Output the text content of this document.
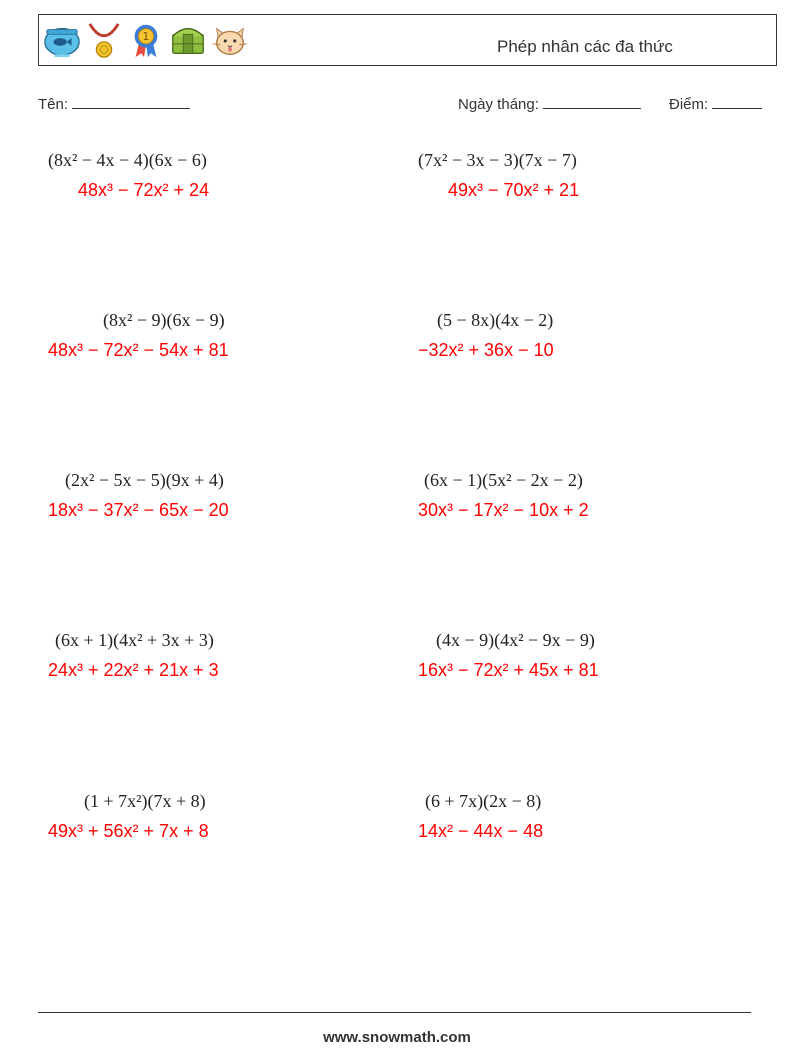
1	Phép nhân các đa thức
Tên:	Ngày tháng:	Điểm:
(8x² − 4x − 4)(6x − 6)
48x³ − 72x² + 24
(7x² − 3x − 3)(7x − 7)
49x³ − 70x² + 21
(8x² − 9)(6x − 9)
48x³ − 72x² − 54x + 81
(5 − 8x)(4x − 2)
−32x² + 36x − 10
(2x² − 5x − 5)(9x + 4)
18x³ − 37x² − 65x − 20
(6x − 1)(5x² − 2x − 2)
30x³ − 17x² − 10x + 2
(6x + 1)(4x² + 3x + 3)
24x³ + 22x² + 21x + 3
(4x − 9)(4x² − 9x − 9)
16x³ − 72x² + 45x + 81
(1 + 7x²)(7x + 8)
49x³ + 56x² + 7x + 8
(6 + 7x)(2x − 8)
14x² − 44x − 48
www.snowmath.com
